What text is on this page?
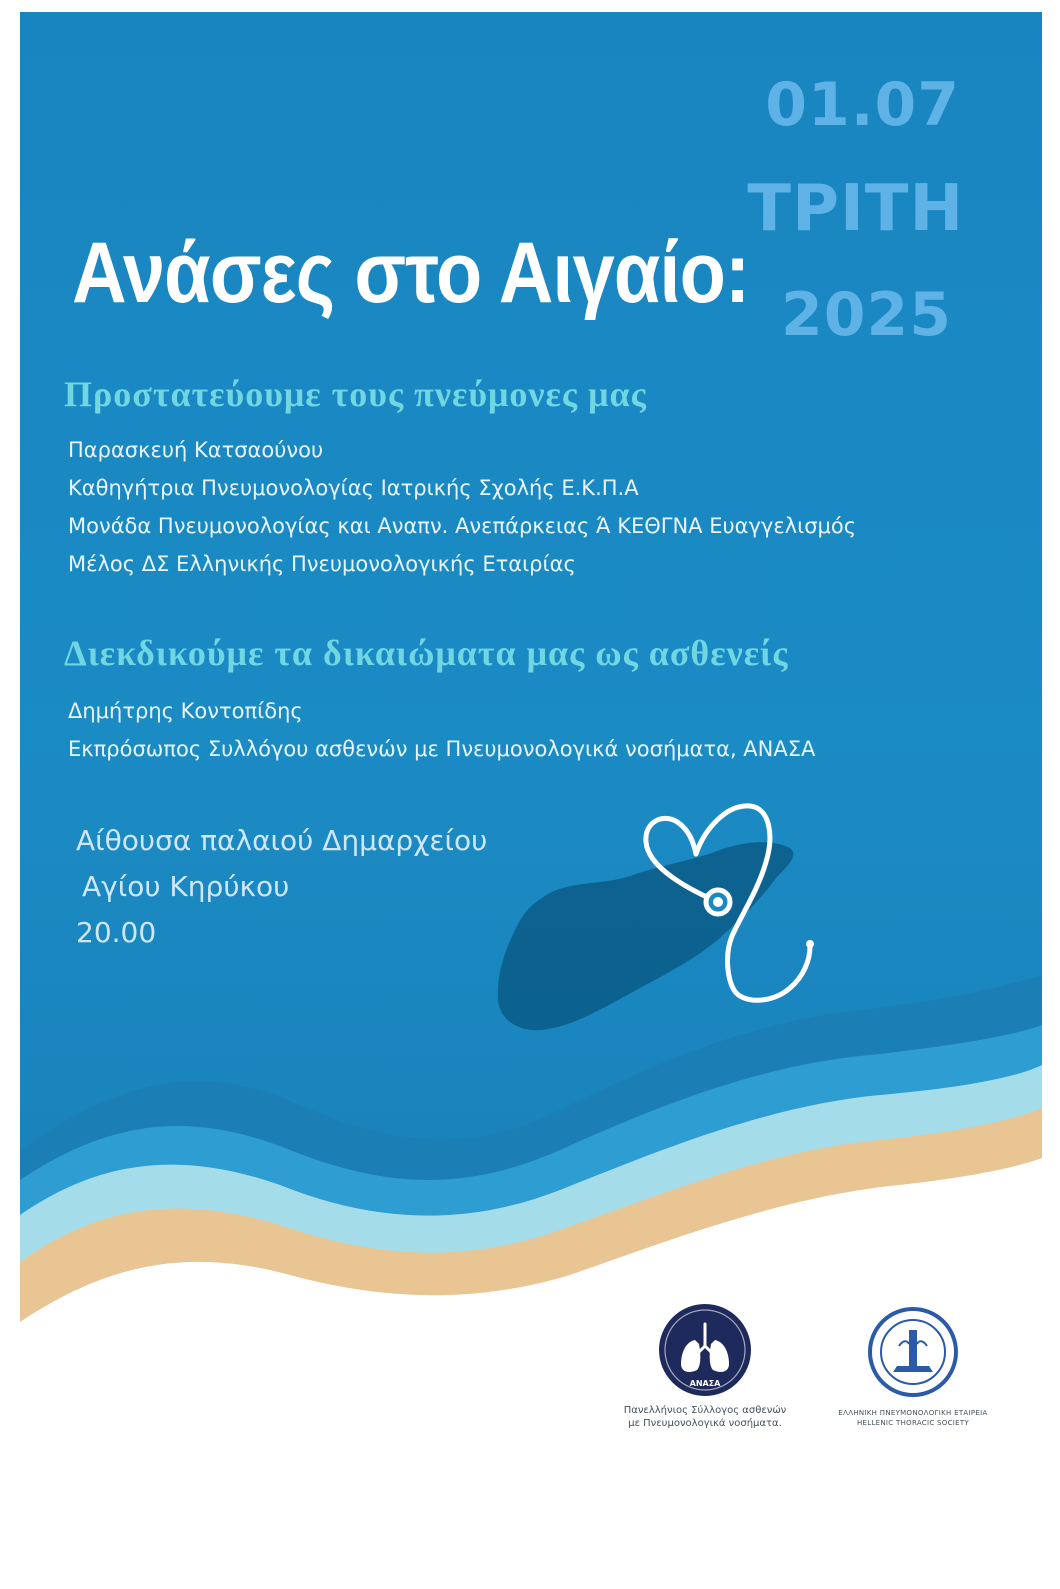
01.07
ΤΡΙΤΗ
2025
Ανάσες στο Αιγαίο:
Προστατεύουμε τους πνεύμονες μας
Παρασκευή Κατσαούνου
Καθηγήτρια Πνευμονολογίας Ιατρικής Σχολής Ε.Κ.Π.Α
Μονάδα Πνευμονολογίας και Αναπν. Ανεπάρκειας Ά ΚΕΘΓΝΑ Ευαγγελισμός
Μέλος ΔΣ Ελληνικής Πνευμονολογικής Εταιρίας
Διεκδικούμε τα δικαιώματα μας ως ασθενείς
Δημήτρης Κοντοπίδης
Εκπρόσωπος Συλλόγου ασθενών με Πνευμονολογικά νοσήματα, ΑΝΑΣΑ
Αίθουσα παλαιού Δημαρχείου
Αγίου Κηρύκου
20.00
ΑΝΑΣΑ
Πανελλήνιος Σύλλογος ασθενών
με Πνευμονολογικά νοσήματα.
ΕΛΛΗΝΙΚΗ ΠΝΕΥΜΟΝΟΛΟΓΙΚΗ ΕΤΑΙΡΕΙΑ
HELLENIC THORACIC SOCIETY
